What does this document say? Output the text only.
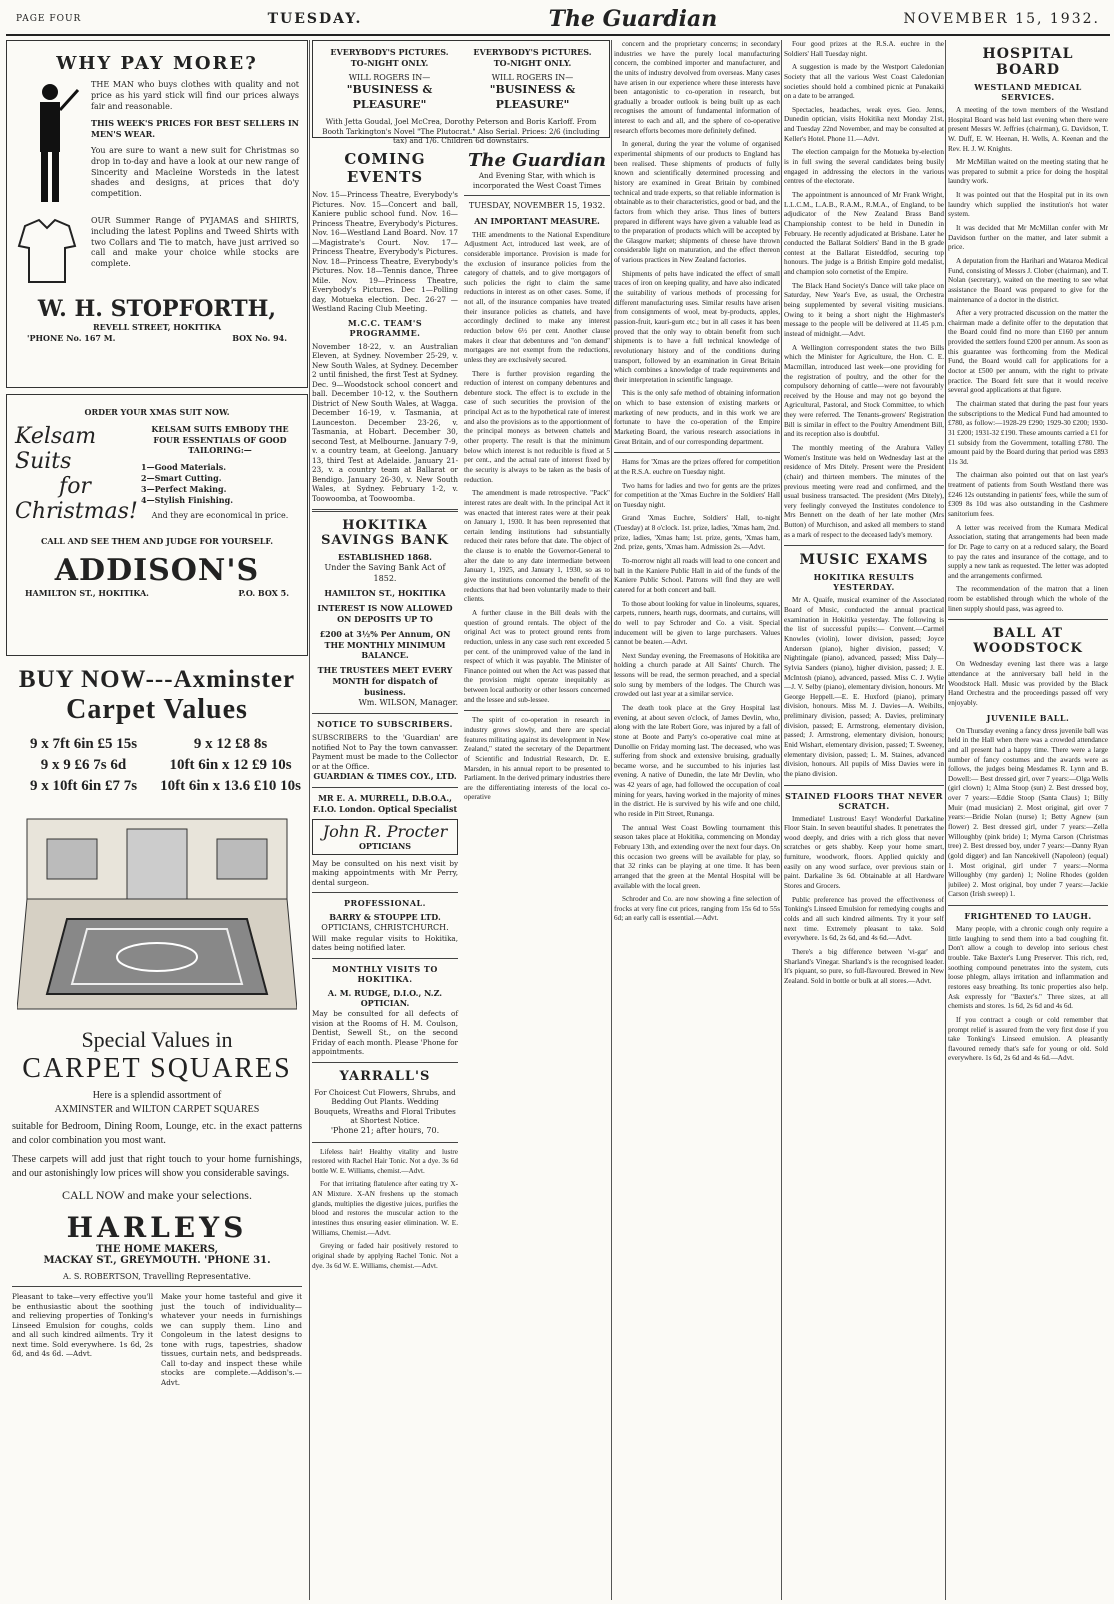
PAGE FOUR	TUESDAY.	The Guardian	NOVEMBER 15, 1932.
WHY PAY MORE?
THE MAN who buys clothes with quality and not price as his yard stick will find our prices always fair and reasonable.
THIS WEEK'S PRICES FOR BEST SELLERS IN MEN'S WEAR.
You are sure to want a new suit for Christmas so drop in to-day and have a look at our new range of Sincerity and Macleine Worsteds in the latest shades and designs, at prices that do'y competition.
OUR Summer Range of PYJAMAS and SHIRTS, including the latest Poplins and Tweed Shirts with two Collars and Tie to match, have just arrived so call and make your choice while stocks are complete.
W. H. STOPFORTH,
REVELL STREET, HOKITIKA
'PHONE No. 167 M.	BOX No. 94.
ORDER YOUR XMAS SUIT NOW.
Kelsam Suits
for
Christmas!
KELSAM SUITS EMBODY THE FOUR ESSENTIALS OF GOOD TAILORING:—
1—Good Materials.
2—Smart Cutting.
3—Perfect Making.
4—Stylish Finishing.
And they are economical in price.
CALL AND SEE THEM AND JUDGE FOR YOURSELF.
ADDISON'S
HAMILTON ST., HOKITIKA.	P.O. BOX 5.
BUY NOW---Axminster
Carpet Values
9 x 7ft 6in £5 15s	9 x 12 £8 8s
9 x 9 £6 7s 6d	10ft 6in x 12 £9 10s
9 x 10ft 6in £7 7s	10ft 6in x 13.6 £10 10s
Special Values in
CARPET SQUARES
Here is a splendid assortment of
AXMINSTER and WILTON CARPET SQUARES
suitable for Bedroom, Dining Room, Lounge, etc. in the exact patterns and color combination you most want.
These carpets will add just that right touch to your home furnishings, and our astonishingly low prices will show you considerable savings.
CALL NOW and make your selections.
HARLEYS
THE HOME MAKERS,
MACKAY ST., GREYMOUTH. 'PHONE 31.
A. S. ROBERTSON, Travelling Representative.
Pleasant to take—very effective you'll be enthusiastic about the soothing and relieving properties of Tonking's Linseed Emulsion for coughs, colds and all such kindred ailments. Try it next time. Sold everywhere. 1s 6d, 2s 6d, and 4s 6d. —Advt.
Make your home tasteful and give it just the touch of individuality—whatever your needs in furnishings we can supply them. Lino and Congoleum in the latest designs to tone with rugs, tapestries, shadow tissues, curtain nets, and bedspreads. Call to-day and inspect these while stocks are complete.—Addison's.—Advt.
EVERYBODY'S PICTURES. TO-NIGHT ONLY.
WILL ROGERS IN—
"BUSINESS & PLEASURE"
EVERYBODY'S PICTURES. TO-NIGHT ONLY.
WILL ROGERS IN—
"BUSINESS & PLEASURE"
With Jetta Goudal, Joel McCrea, Dorothy Peterson and Boris Karloff. From Booth Tarkington's Novel "The Plutocrat." Also Serial. Prices: 2/6 (including tax) and 1/6. Children 6d downstairs.
COMING EVENTS
Nov. 15—Princess Theatre, Everybody's Pictures. Nov. 15—Concert and ball, Kaniere public school fund. Nov. 16—Princess Theatre, Everybody's Pictures. Nov. 16—Westland Land Board. Nov. 17—Magistrate's Court. Nov. 17—Princess Theatre, Everybody's Pictures. Nov. 18—Princess Theatre, Everybody's Pictures. Nov. 18—Tennis dance, Three Mile. Nov. 19—Princess Theatre, Everybody's Pictures. Dec 1—Polling day, Motueka election. Dec. 26-27 —Westland Racing Club Meeting.
M.C.C. TEAM'S PROGRAMME.
November 18-22, v. an Australian Eleven, at Sydney. November 25-29, v. New South Wales, at Sydney. December 2 until finished, the first Test at Sydney. Dec. 9—Woodstock school concert and ball. December 10-12, v. the Southern District of New South Wales, at Wagga. December 16-19, v. Tasmania, at Launceston. December 23-26, v. Tasmania, at Hobart. December 30, second Test, at Melbourne. January 7-9, v. a country team, at Geelong. January 13, third Test at Adelaide. January 21-23, v. a country team at Ballarat or Bendigo. January 26-30, v. New South Wales, at Sydney. February 1-2, v. Toowoomba, at Toowoomba.
HOKITIKA SAVINGS BANK
ESTABLISHED 1868.
Under the Saving Bank Act of 1852.
HAMILTON ST., HOKITIKA
INTEREST IS NOW ALLOWED ON DEPOSITS UP TO
£200 at 3½% Per Annum, ON THE MONTHLY MINIMUM BALANCE.
THE TRUSTEES MEET EVERY MONTH for dispatch of business.
Wm. WILSON, Manager.
NOTICE TO SUBSCRIBERS.
SUBSCRIBERS to the 'Guardian' are notified Not to Pay the town canvasser. Payment must be made to the Collector or at the Office.
GUARDIAN & TIMES COY., LTD.
MR E. A. MURRELL, D.B.O.A., F.I.O. London. Optical Specialist
John R. Procter
OPTICIANS
May be consulted on his next visit by making appointments with Mr Perry, dental surgeon.
PROFESSIONAL.
BARRY & STOUPPE LTD.
OPTICIANS, CHRISTCHURCH.
Will make regular visits to Hokitika, dates being notified later.
MONTHLY VISITS TO HOKITIKA.
A. M. RUDGE, D.I.O., N.Z. OPTICIAN.
May be consulted for all defects of vision at the Rooms of H. M. Coulson, Dentist, Sewell St., on the second Friday of each month. Please 'Phone for appointments.
YARRALL'S
For Choicest Cut Flowers, Shrubs, and Bedding Out Plants. Wedding Bouquets, Wreaths and Floral Tributes at Shortest Notice.
'Phone 21; after hours, 70.
Lifeless hair! Healthy vitality and lustre restored with Rachel Hair Tonic. Not a dye. 3s 6d bottle W. E. Williams, chemist.—Advt.
For that irritating flatulence after eating try X-AN Mixture. X-AN freshens up the stomach glands, multiplies the digestive juices, purifies the blood and restores the muscular action to the intestines thus ensuring easier elimination. W. E. Williams, Chemist.—Advt.
Greying or faded hair positively restored to original shade by applying Rachel Tonic. Not a dye. 3s 6d W. E. Williams, chemist.—Advt.
The Guardian
And Evening Star, with which is incorporated the West Coast Times
TUESDAY, NOVEMBER 15, 1932.
AN IMPORTANT MEASURE.
THE amendments to the National Expenditure Adjustment Act, introduced last week, are of considerable importance. Provision is made for the exclusion of insurance policies from the category of chattels, and to give mortgagors of such policies the right to claim the same reductions in interest as on other cases. Some, if not all, of the insurance companies have treated their insurance policies as chattels, and have accordingly declined to make any interest reduction below 6½ per cent. Another clause makes it clear that debentures and "on demand" mortgages are not exempt from the reductions, unless they are exclusively secured.
There is further provision regarding the reduction of interest on company debentures and debenture stock. The effect is to exclude in the case of such securities the provision of the principal Act as to the hypothetical rate of interest and also the provisions as to the apportionment of the principal moneys as between chattels and other property. The result is that the minimum below which interest is not reducible is fixed at 5 per cent., and the actual rate of interest fixed by the security is always to be taken as the basis of reduction.
The amendment is made retrospective. "Pack" interest rates are dealt with. In the principal Act it was enacted that interest rates were at their peak on January 1, 1930. It has been represented that certain lending institutions had substantially reduced their rates before that date. The object of the clause is to enable the Governor-General to alter the date to any date intermediate between January 1, 1925, and January 1, 1930, so as to give the institutions concerned the benefit of the reductions that had been voluntarily made to their clients.
A further clause in the Bill deals with the question of ground rentals. The object of the original Act was to protect ground rents from reduction, unless in any case such rent exceeded 5 per cent. of the unimproved value of the land in respect of which it was payable. The Minister of Finance pointed out when the Act was passed that the provision might operate inequitably as between local authority or other lessors concerned and the lessee and sub-lessee.
The spirit of co-operation in research in industry grows slowly, and there are special features militating against its development in New Zealand," stated the secretary of the Department of Scientific and Industrial Research, Dr. E. Marsden, in his annual report to be presented to Parliament. In the derived primary industries there are the differentiating interests of the local co-operative
concern and the proprietary concerns; in secondary industries we have the purely local manufacturing concern, the combined importer and manufacturer, and the units of industry devolved from overseas. Many cases have arisen in our experience where these interests have been antagonistic to co-operation in research, but gradually a broader outlook is being built up as each recognises the amount of fundamental information of interest to each and all, and the sphere of co-operative research efforts becomes more definitely defined.
In general, during the year the volume of organised experimental shipments of our products to England has been realised. These shipments of products of fully known and scientifically determined processing and history are examined in Great Britain by combined technical and trade experts, so that reliable information is obtainable as to their characteristics, good or bad, and the factors from which they arise. Thus lines of butters prepared in different ways have given a valuable lead as to the preparation of products which will be accepted by the Glasgow market; shipments of cheese have thrown considerable light on maturation, and the effect thereon of various practices in New Zealand factories.
Shipments of pelts have indicated the effect of small traces of iron on keeping quality, and have also indicated the suitability of various methods of processing for different manufacturing uses. Similar results have arisen from consignments of wool, meat by-products, apples, passion-fruit, kauri-gum etc.; but in all cases it has been proved that the only way to obtain benefit from such shipments is to have a full technical knowledge of revolutionary history and of the conditions during transport, followed by an examination in Great Britain which combines a knowledge of trade requirements and their interpretation in scientific language.
This is the only safe method of obtaining information on which to base extension of existing markets or marketing of new products, and in this work we are fortunate to have the co-operation of the Empire Marketing Board, the various research associations in Great Britain, and of our corresponding department.
Hams for 'Xmas are the prizes offered for competition at the R.S.A. euchre on Tuesday night.
Two hams for ladies and two for gents are the prizes for competition at the 'Xmas Euchre in the Soldiers' Hall on Tuesday night.
Grand 'Xmas Euchre, Soldiers' Hall, to-night (Tuesday) at 8 o'clock. 1st. prize, ladies, 'Xmas ham, 2nd. prize, ladies, 'Xmas ham; 1st. prize, gents, 'Xmas ham, 2nd. prize, gents, 'Xmas ham. Admission 2s.—Advt.
To-morrow night all roads will lead to one concert and ball in the Kaniere Public Hall in aid of the funds of the Kaniere Public School. Patrons will find they are well catered for at both concert and ball.
To those about looking for value in linoleums, squares, carpets, runners, hearth rugs, doormats, and curtains, will do well to pay Schroder and Co. a visit. Special inducement will be given to large purchasers. Values cannot be beaten.—Advt.
Next Sunday evening, the Freemasons of Hokitika are holding a church parade at All Saints' Church. The lessons will be read, the sermon preached, and a special solo sung by members of the lodges. The Church was crowded out last year at a similar service.
The death took place at the Grey Hospital last evening, at about seven o'clock, of James Devlin, who, along with the late Robert Gore, was injured by a fall of stone at Boote and Party's co-operative coal mine at Dunollie on Friday morning last. The deceased, who was suffering from shock and extensive bruising, gradually became worse, and he succumbed to his injuries last evening. A native of Dunedin, the late Mr Devlin, who was 42 years of age, had followed the occupation of coal mining for years, having worked in the majority of mines in the district. He is survived by his wife and one child, who reside in Pitt Street, Runanga.
The annual West Coast Bowling tournament this season takes place at Hokitika, commencing on Monday February 13th, and extending over the next four days. On this occasion two greens will be available for play, so that 32 rinks can be playing at one time. It has been arranged that the green at the Mental Hospital will be available with the local green.
Schroder and Co. are now showing a fine selection of frocks at very fine cut prices, ranging from 15s 6d to 55s 6d; an early call is essential.—Advt.
Four good prizes at the R.S.A. euchre in the Soldiers' Hall Tuesday night.
A suggestion is made by the Westport Caledonian Society that all the various West Coast Caledonian societies should hold a combined picnic at Punakaiki on a date to be arranged.
Spectacles, headaches, weak eyes. Geo. Jenns, Dunedin optician, visits Hokitika next Monday 21st, and Tuesday 22nd November, and may be consulted at Keller's Hotel. Phone 11.—Advt.
The election campaign for the Motueka by-election is in full swing the several candidates being busily engaged in addressing the electors in the various centres of the electorate.
The appointment is announced of Mr Frank Wright, L.L.C.M., L.A.B., R.A.M., R.M.A., of England, to be adjudicator of the New Zealand Brass Band Championship contest to be held in Dunedin in February. He recently adjudicated at Brisbane. Later he conducted the Ballarat Soldiers' Band in the B grade contest at the Ballarat Eisteddfod, securing top honours. The judge is a British Empire gold medalist, and champion solo cornetist of the Empire.
The Black Hand Society's Dance will take place on Saturday, New Year's Eve, as usual, the Orchestra being supplemented by several visiting musicians. Owing to it being a short night the Highmaster's message to the people will be delivered at 11.45 p.m. instead of midnight.—Advt.
A Wellington correspondent states the two Bills which the Minister for Agriculture, the Hon. C. E. Macmillan, introduced last week—one providing for the registration of poultry, and the other for the compulsory dehorning of cattle—were not favourably received by the House and may not go beyond the Agricultural, Pastoral, and Stock Committee, to which they were referred. The Tenants-growers' Registration Bill is similar in effect to the Poultry Amendment Bill, and its reception also is doubtful.
The monthly meeting of the Arahura Valley Women's Institute was held on Wednesday last at the residence of Mrs Ditely. Present were the President (chair) and thirteen members. The minutes of the previous meeting were read and confirmed, and the usual business transacted. The president (Mrs Ditely), very feelingly conveyed the Institutes condolence to Mrs Bennett on the death of her late mother (Mrs Button) of Murchison, and asked all members to stand as a mark of respect to the deceased lady's memory.
MUSIC EXAMS
HOKITIKA RESULTS YESTERDAY.
Mr A. Quaife, musical examiner of the Associated Board of Music, conducted the annual practical examination in Hokitika yesterday. The following is the list of successful pupils:— Convent.—Carmel Knowles (violin), lower division, passed; Joyce Anderson (piano), higher division, passed; V. Nightingale (piano), advanced, passed; Miss Daly—Sylvia Sanders (piano), higher division, passed; J. E. McIntosh (piano), advanced, passed. Miss C. J. Wylie—J. V. Selby (piano), elementary division, honours. Mr George Heppell.—E. E. Huxford (piano), primary division, honours. Miss M. J. Davies—A. Weibilts, preliminary division, passed; A. Davies, preliminary division, passed; E. Armstrong, elementary division, passed; J. Armstrong, elementary division, honours; Enid Wishart, elementary division, passed; T. Sweeney, elementary division, passed; L. M. Staines, advanced division, honours. All pupils of Miss Davies were in the piano division.
STAINED FLOORS THAT NEVER SCRATCH.
Immediate! Lustrous! Easy! Wonderful Darkaline Floor Stain. In seven beautiful shades. It penetrates the wood deeply, and dries with a rich gloss that never scratches or gets shabby. Keep your home smart, furniture, woodwork, floors. Applied quickly and easily on any wood surface, over previous stain or paint. Darkaline 3s 6d. Obtainable at all Hardware Stores and Grocers.
Public preference has proved the effectiveness of Tonking's Linseed Emulsion for remedying coughs and colds and all such kindred ailments. Try it your self next time. Extremely pleasant to take. Sold everywhere. 1s 6d, 2s 6d, and 4s 6d.—Advt.
There's a big difference between 'vi-gar' and Sharland's Vinegar. Sharland's is the recognised leader. It's piquant, so pure, so full-flavoured. Brewed in New Zealand. Sold in bottle or bulk at all stores.—Advt.
HOSPITAL BOARD
WESTLAND MEDICAL SERVICES.
A meeting of the town members of the Westland Hospital Board was held last evening when there were present Messrs W. Jeffries (chairman), G. Davidson, T. W. Duff, E. W. Heenan, H. Wells, A. Keenan and the Rev. H. J. W. Knights.
Mr McMillan waited on the meeting stating that he was prepared to submit a price for doing the hospital laundry work.
It was pointed out that the Hospital put in its own laundry which supplied the institution's hot water system.
It was decided that Mr McMillan confer with Mr Davidson further on the matter, and later submit a price.
A deputation from the Harihari and Wataroa Medical Fund, consisting of Messrs J. Clober (chairman), and T. Nolan (secretary), waited on the meeting to see what assistance the Board was prepared to give for the maintenance of a doctor in the district.
After a very protracted discussion on the matter the chairman made a definite offer to the deputation that the Board could find no more than £160 per annum provided the settlers found £200 per annum. As soon as this guarantee was forthcoming from the Medical Fund, the Board would call for applications for a doctor at £500 per annum, with the right to private practice. The Board felt sure that it would receive several good applications at that figure.
The chairman stated that during the past four years the subscriptions to the Medical Fund had amounted to £780, as follow:—1928-29 £290; 1929-30 £200; 1930-31 £200; 1931-32 £190. These amounts carried a £1 for £1 subsidy from the Government, totalling £780. The amount paid by the Board during that period was £893 11s 3d.
The chairman also pointed out that on last year's treatment of patients from South Westland there was £246 12s outstanding in patients' fees, while the sum of £309 8s 10d was also outstanding in the Cashmere sanitorium fees.
A letter was received from the Kumara Medical Association, stating that arrangements had been made for Dr. Page to carry on at a reduced salary, the Board to pay the rates and insurance of the cottage, and to supply a new tank as requested. The letter was adopted and the arrangements confirmed.
The recommendation of the matron that a linen room be established through which the whole of the linen supply should pass, was agreed to.
BALL AT WOODSTOCK
On Wednesday evening last there was a large attendance at the anniversary ball held in the Woodstock Hall. Music was provided by the Black Hand Orchestra and the proceedings passed off very enjoyably.
JUVENILE BALL.
On Thursday evening a fancy dress juvenile ball was held in the Hall when there was a crowded attendance and all present had a happy time. There were a large number of fancy costumes and the awards were as follows, the judges being Mesdames R. Lynn and B. Dowell:— Best dressed girl, over 7 years:—Olga Wells (girl clown) 1; Alma Stoop (sun) 2. Best dressed boy, over 7 years:—Eddie Stoop (Santa Claus) 1; Billy Muir (mad musician) 2. Most original, girl over 7 years:—Bridie Nolan (nurse) 1; Betty Agnew (sun flower) 2. Best dressed girl, under 7 years:—Zella Willoughby (pink bride) 1; Myrna Carson (Christmas tree) 2. Best dressed boy, under 7 years:—Danny Ryan (gold digger) and Ian Nancekivell (Napoleon) (equal) 1. Most original, girl under 7 years:—Norma Willoughby (my garden) 1; Noline Rhodes (golden jubilee) 2. Most original, boy under 7 years:—Jackie Carson (Irish sweep) 1.
FRIGHTENED TO LAUGH.
Many people, with a chronic cough only require a little laughing to send them into a bad coughing fit. Don't allow a cough to develop into serious chest trouble. Take Baxter's Lung Preserver. This rich, red, soothing compound penetrates into the system, cuts loose phlegm, allays irritation and inflammation and restores easy breathing. Its tonic properties also help. Ask expressly for "Baxter's." Three sizes, at all chemists and stores. 1s 6d, 2s 6d and 4s 6d.
If you contract a cough or cold remember that prompt relief is assured from the very first dose if you take Tonking's Linseed emulsion. A pleasantly flavoured remedy that's safe for young or old. Sold everywhere. 1s 6d, 2s 6d and 4s 6d.—Advt.
